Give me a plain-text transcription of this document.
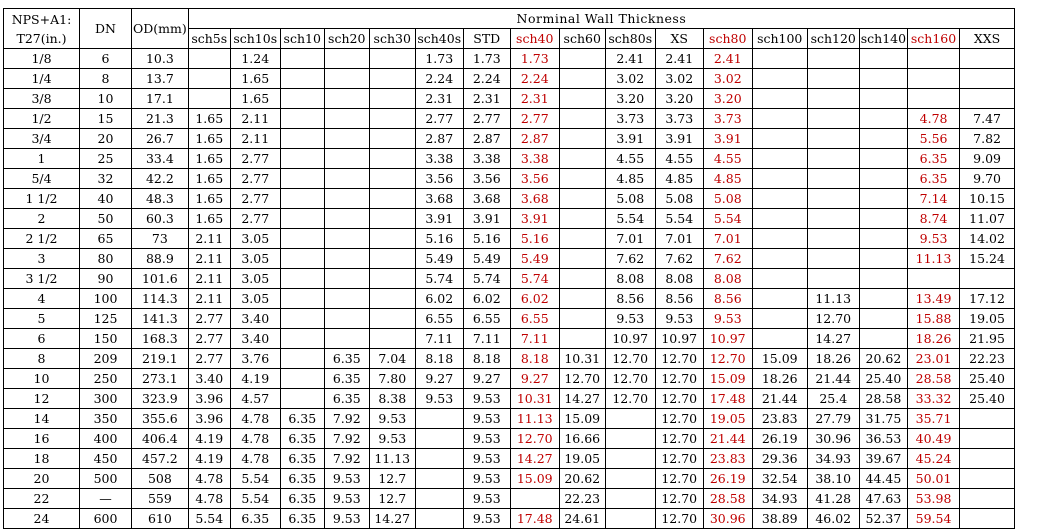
NPS+A1:
T27(in.)	DN	OD(mm)	Norminal Wall Thickness																
			sch5s	sch10s	sch10	sch20	sch30	sch40s	STD	sch40	sch60	sch80s	XS	sch80	sch100	sch120	sch140	sch160	XXS
1/8	6	10.3		1.24				1.73	1.73	1.73		2.41	2.41	2.41					
1/4	8	13.7		1.65				2.24	2.24	2.24		3.02	3.02	3.02					
3/8	10	17.1		1.65				2.31	2.31	2.31		3.20	3.20	3.20					
1/2	15	21.3	1.65	2.11				2.77	2.77	2.77		3.73	3.73	3.73				4.78	7.47
3/4	20	26.7	1.65	2.11				2.87	2.87	2.87		3.91	3.91	3.91				5.56	7.82
1	25	33.4	1.65	2.77				3.38	3.38	3.38		4.55	4.55	4.55				6.35	9.09
5/4	32	42.2	1.65	2.77				3.56	3.56	3.56		4.85	4.85	4.85				6.35	9.70
1 1/2	40	48.3	1.65	2.77				3.68	3.68	3.68		5.08	5.08	5.08				7.14	10.15
2	50	60.3	1.65	2.77				3.91	3.91	3.91		5.54	5.54	5.54				8.74	11.07
2 1/2	65	73	2.11	3.05				5.16	5.16	5.16		7.01	7.01	7.01				9.53	14.02
3	80	88.9	2.11	3.05				5.49	5.49	5.49		7.62	7.62	7.62				11.13	15.24
3 1/2	90	101.6	2.11	3.05				5.74	5.74	5.74		8.08	8.08	8.08					
4	100	114.3	2.11	3.05				6.02	6.02	6.02		8.56	8.56	8.56		11.13		13.49	17.12
5	125	141.3	2.77	3.40				6.55	6.55	6.55		9.53	9.53	9.53		12.70		15.88	19.05
6	150	168.3	2.77	3.40				7.11	7.11	7.11		10.97	10.97	10.97		14.27		18.26	21.95
8	209	219.1	2.77	3.76		6.35	7.04	8.18	8.18	8.18	10.31	12.70	12.70	12.70	15.09	18.26	20.62	23.01	22.23
10	250	273.1	3.40	4.19		6.35	7.80	9.27	9.27	9.27	12.70	12.70	12.70	15.09	18.26	21.44	25.40	28.58	25.40
12	300	323.9	3.96	4.57		6.35	8.38	9.53	9.53	10.31	14.27	12.70	12.70	17.48	21.44	25.4	28.58	33.32	25.40
14	350	355.6	3.96	4.78	6.35	7.92	9.53		9.53	11.13	15.09		12.70	19.05	23.83	27.79	31.75	35.71	
16	400	406.4	4.19	4.78	6.35	7.92	9.53		9.53	12.70	16.66		12.70	21.44	26.19	30.96	36.53	40.49	
18	450	457.2	4.19	4.78	6.35	7.92	11.13		9.53	14.27	19.05		12.70	23.83	29.36	34.93	39.67	45.24	
20	500	508	4.78	5.54	6.35	9.53	12.7		9.53	15.09	20.62		12.70	26.19	32.54	38.10	44.45	50.01	
22	—	559	4.78	5.54	6.35	9.53	12.7		9.53		22.23		12.70	28.58	34.93	41.28	47.63	53.98	
24	600	610	5.54	6.35	6.35	9.53	14.27		9.53	17.48	24.61		12.70	30.96	38.89	46.02	52.37	59.54	
